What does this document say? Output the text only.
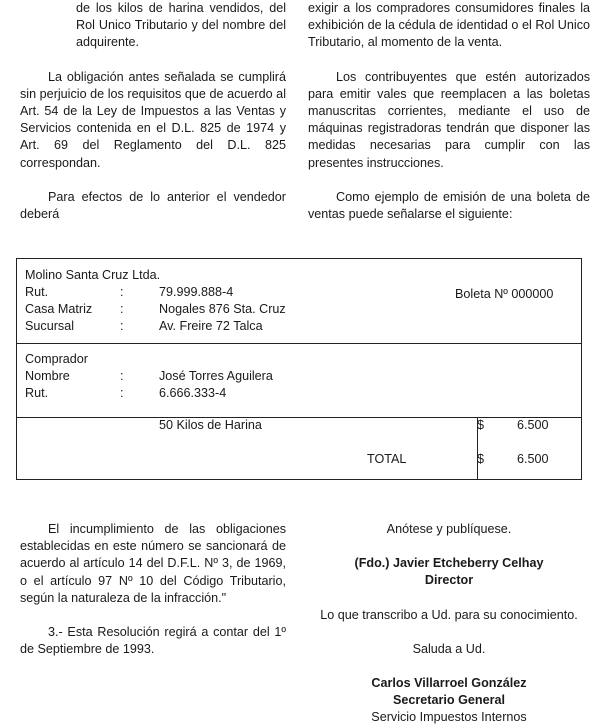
de los kilos de harina vendidos, del Rol Unico Tributario y del nombre del adquirente.

La obligación antes señalada se cumplirá sin perjuicio de los requisitos que de acuerdo al Art. 54 de la Ley de Impuestos a las Ventas y Servicios contenida en el D.L. 825 de 1974 y Art. 69 del Reglamento del D.L. 825 correspondan.

Para efectos de lo anterior el vendedor deberá

exigir a los compradores consumidores finales la exhibición de la cédula de identidad o el Rol Unico Tributario, al momento de la venta.

Los contribuyentes que estén autorizados para emitir vales que reemplacen a las boletas manuscritas corrientes, mediante el uso de máquinas registradoras tendrán que disponer las medidas necesarias para cumplir con las presentes instrucciones.

Como ejemplo de emisión de una boleta de ventas puede señalarse el siguiente:

Molino Santa Cruz Ltda.
Rut.	:	79.999.888-4	Boleta Nº 000000
Casa Matriz :	Nogales 876 Sta. Cruz
Sucursal	:	Av. Freire 72 Talca
Comprador
Nombre	:	José Torres Aguilera
Rut.	:	6.666.333-4
50 Kilos de Harina	$	6.500
TOTAL	$	6.500

El incumplimiento de las obligaciones establecidas en este número se sancionará de acuerdo al artículo 14 del D.F.L. Nº 3, de 1969, o el artículo 97 Nº 10 del Código Tributario, según la naturaleza de la infracción."

3.- Esta Resolución regirá a contar del 1º de Septiembre de 1993.

Anótese y publíquese.
(Fdo.) Javier Etcheberry Celhay
Director
Lo que transcribo a Ud. para su conocimiento.
Saluda a Ud.
Carlos Villarroel González
Secretario General
Servicio Impuestos Internos
